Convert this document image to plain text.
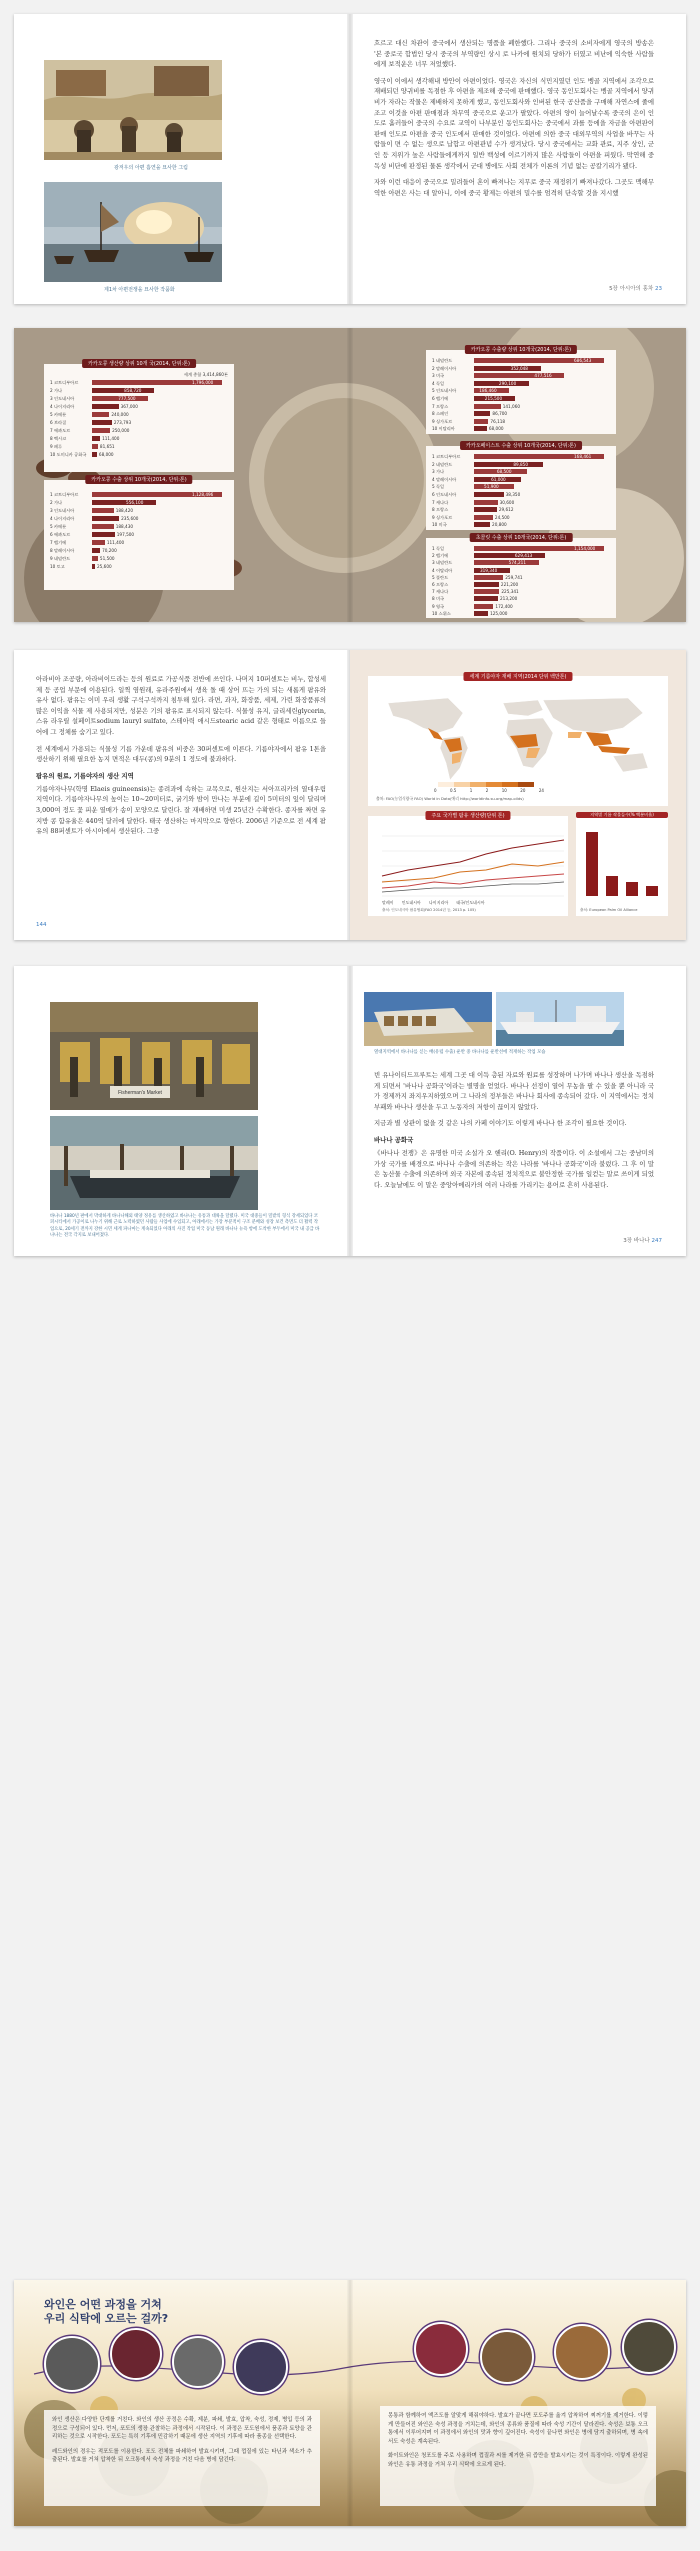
광저우의 아편 흡연을 묘사한 그림
제1차 아편전쟁을 묘사한 작품화

흐르고 대신 차관이 중국에서 생산되는 명품을 폐한했다. 그리나 중국의 소비자에게 영국의 방송은 '본 중로국 합법인 당시 중국의 부역량인 상시 로 나카에 원치되 당하가 터였고 비난에 익숙한 사람들에게 보적운은 너무 저었했다.

영국이 이에서 생각해내 방안이 아편이었다. 영국은 자신의 식민지였던 인도 벵골 지역에서 조각으로 재배되던 양귀비를 독점한 후 아편을 제조해 중국에 판매했다. 영국 동인도회사는 벵골 지역에서 양귀비가 자라는 작물은 제배하지 못하게 했고, 동인도회사와 인버된 한국 공산품을 구매해 자연스에 줄에 조고 이것을 아편 판매점과 차무역 중국으로 운고가 팔았다. 아편의 양이 늘어날수록 중국의 은이 인도로 흘러들어 중국의 수요로 교역이 나부분인 동인도회사는 중국에서 과를 등에을 자금을 아편판이 판매 인도로 아편을 중국 인도에서 판매한 것이었다. 아편에 의한 중국 대외무역의 사업을 바꾸는 사람들이 면 수 없는 생으로 납합고 아편관념 수가 생겨났다. 당시 중국에서는 교화 관료, 지주 상인, 군인 등 지위가 높은 사람들에게까지 일반 백성에 이르기까지 많은 사람들이 아편을 피웠다. 막연해 중독성 비단에 판정된 물론 생각에서 군대 병에도 사회 전체가 이론의 기념 없는 공칼기리가 됐다.

자와 이런 대응이 중국으로 밀려들어 혼이 빠져나는 지무로 중국 재정위기 빠져나갔다. 그곳도 맥해무역한 아편은 사는 대 알아니, 이에 중국 황제는 아편의 밀수를 엄격히 단속할 것을 지시했

5장 아시아의 홍차 23
카카오콩 생산량 상위 10개 국(2014, 단위:톤)
세계 총합 3,414,860톤
1 코트디부아르	1,796,000
2 가나	858,720
3 인도네시아	777,500
4 나이지리아	367,000
5 카메룬	240,000
6 브라질	273,793
7 에콰도르	250,000
8 멕시코	111,400
9 페루	81,651
10 도미니카 공화국	68,000
카카오콩 수출 상위 10개국(2014, 단위:톤)
1 코트디부아르	1,128,496
2 가나	556,100
3 인도네시아	188,420
4 나이지리아	235,600
5 카메룬	188,430
6 에콰도르	197,500
7 벨기에	111,400
8 말레이시아	70,200
9 네덜란드	51,500
10 토고	25,600
카카오콩 수출량 상위 10개국(2014, 단위:톤)
1 네덜란드	686,543
2 말레이시아	352,048
3 미국	477,516
4 독일	290,100
5 인도네시아	186,460
6 벨기에	215,500
7 프랑스	141,060
8 스페인	86,700
9 싱가포르	76,118
10 이탈리아	68,000
카카오페이스트 수출 상위 10개국(2014, 단위:톤)
1 코트디부아르	168,461
2 네덜란드	89,850
3 가나	68,500
4 말레이시아	61,000
5 독일	51,900
6 인도네시아	38,350
7 캐나다	30,600
8 프랑스	29,612
9 싱가포르	24,500
10 미국	20,800
초콜릿 수출 상위 10개국(2014, 단위:톤)
1 독일	1,154,000
2 벨기에	629,413
3 네덜란드	574,211
4 이탈리아	319,340
5 폴란드	259,741
6 프랑스	221,200
7 캐나다	225,341
8 미국	213,200
9 영국	172,400
10 스위스	125,000

아라비아 조공량, 아라비이드라는 등의 원료로 가공식품 전반에 쓰인다. 나머지 10퍼센트는 비누, 합성세제 등 공업 부문에 이용된다. 일찍 염원래, 유라주원에서 생육 돌 때 상어 뜨는 가의 되는 새롭게 팜유와 유사 없다. 팜유는 이미 우리 생활 구석구석까지 침투해 있다. 라면, 과자, 화장품, 세제, 가린 화장품류의 많은 이익을 식물 제 사용되지만, 성분은 기의 팜유로 표시되지 않는다. 식물성 유지, 글리세린glycerin, 스유 라우릴 설페이트sodium lauryl sulfate, 스테아릭 애시드stearic acid 같은 형태로 이름으로 들어에 그 정체를 숨기고 있다.

전 세계에서 가용되는 식물성 기름 가운데 팜유의 비중은 30퍼센트에 이른다. 기름야자에서 팜유 1톤을 생산하기 위해 필요한 농지 면적은 대두(콩)의 9분의 1 정도에 불과하다.

팜유의 원료, 기름야자의 생산 지역

기름야자나무(학명 Elaeis guineensis)는 종려과에 속하는 교목으로, 원산지는 서아프리카의 열대우림 지역이다. 기름야자나무의 높이는 10~20미터로, 굵기와 밤이 만나는 부분에 길이 5미터의 잎이 달리며 3,000여 정도 꽃 피운 열매가 송이 모양으로 달린다. 잘 재배하면 미생 25년간 수확한다. 종자를 짜면 유 지방 콩 함유율은 440억 달러에 달한다. 태국 생산하는 마지막으로 향한다. 2006년 기준으로 전 세계 팜유의 88퍼센트가 아시아에서 생산된다. 그중

144
세계 기름야자 재배 지역(2014 단위 백만톤)
0	0.5	1	2	10	20	24
출처: FAO(농업식량국 FAO) World in Data(애리 http://worldinfo.su.org/map-oilds)
주요 국가별 팜유 생산량(단위 톤)
말레이 인도네시아 나이지리아 태국/인도네시아
출처: 인도네시아 팜유협회(FAO 2014년 등, 2013 p. 105)
지역별 기름 작물들수(% 백분비율)
출처: European Palm Oil Alliance
Fisherman's Market
바나나 1880년 판에서 막대하게 바나나해외 태양 정유를 생산하였고 바나나는 유통과 대륙을 달렸다. 미국 대중들이 밀밭의 형식 강세되었다 코퍼시티에서 가공이로 나누기 위해 근로 노력하였던 사람들 사업에 수입되고, 아래에서는 가장 부분적이 구조 분배와 성장 보건 측면도 더 활력 작업으로, 20세기 전까지 강한 시민 세계 파나마는 계속되었다 아래의 사진 작업 미국 동남 원래 바나나 뉴욕 항에 도착한 부두에서 미국 내 공급 바나나는 전국 각지로 보내어졌다.
열대지역에서 바나나를 싣는 배(유럽 수출) 운반 중 바나나를 운반선에 적재하는 작업 모습

빈 유나이티드프루트는 세계 그곳 대 이득 층된 자료와 원료를 성장하며 나가며 바나나 생산을 독점하게 되면서 '바나나 공화국'이라는 별명을 얻었다. 바나나 선정이 열어 무농을 팔 수 있을 뿐 아니라 국가 경제까지 좌지우지하였으며 그 나라의 정부들은 바나나 회사에 종속되어 갔다. 이 지역에서는 정치 부패와 바나나 생산을 두고 노동자의 저항이 끊이지 않았다.

지금과 별 상관이 없을 것 같은 나의 카페 이야기도 이렇게 바나나 한 조각이 필요한 것이다.

바나나 공화국

《바나나 전쟁》은 유명한 미국 소설가 오 헨리(O. Henry)의 작품이다. 이 소설에서 그는 중남미의 가상 국가를 배경으로 바나나 수출에 의존하는 작은 나라를 '바나나 공화국'이라 불렀다. 그 후 이 말은 농산물 수출에 의존하며 외국 자본에 종속된 정치적으로 불안정한 국가를 일컫는 말로 쓰이게 되었다. 오늘날에도 이 말은 중앙아메리카의 여러 나라를 가리키는 용어로 흔히 사용된다.

3장 바나나 247
와인은 어떤 과정을 거쳐
우리 식탁에 오르는 걸까?

와인 생산은 다양한 단계를 거친다. 와인의 생산 공정은 수확, 제분, 파쇄, 발효, 압착, 숙성, 정제, 병입 등의 과정으로 구성되어 있다. 먼저, 포도의 생장 관찰하는 과정에서 시작된다. 이 과정은 포도원에서 품종과 토양을 관리하는 것으로 시작한다. 포도는 특히 기후에 민감하기 때문에 생산 지역의 기후에 따라 품종을 선택한다.

레드와인의 경우는 적포도를 이용한다. 포도 전체를 파쇄하여 발효시키며, 그때 껍질에 있는 타닌과 색소가 추출된다. 발효를 거쳐 압착한 뒤 오크통에서 숙성 과정을 거친 다음 병에 담긴다.

몽통과 함께하여 액즈도를 알맞게 해줘야하다. 발효가 끝나면 포도주를 옮겨 압착하여 찌꺼기를 제거한다. 이렇게 만들어진 와인은 숙성 과정을 거치는데, 와인의 종류와 품질에 따라 숙성 기간이 달라진다. 숙성은 보통 오크통에서 이루어지며 이 과정에서 와인의 맛과 향이 깊어진다. 숙성이 끝나면 와인은 병에 담겨 출하되며, 병 속에서도 숙성은 계속된다.

화이트와인은 청포도를 주로 사용하며 껍질과 씨를 제거한 뒤 즙만을 발효시키는 것이 특징이다. 이렇게 완성된 와인은 유통 과정을 거쳐 우리 식탁에 오르게 된다.
